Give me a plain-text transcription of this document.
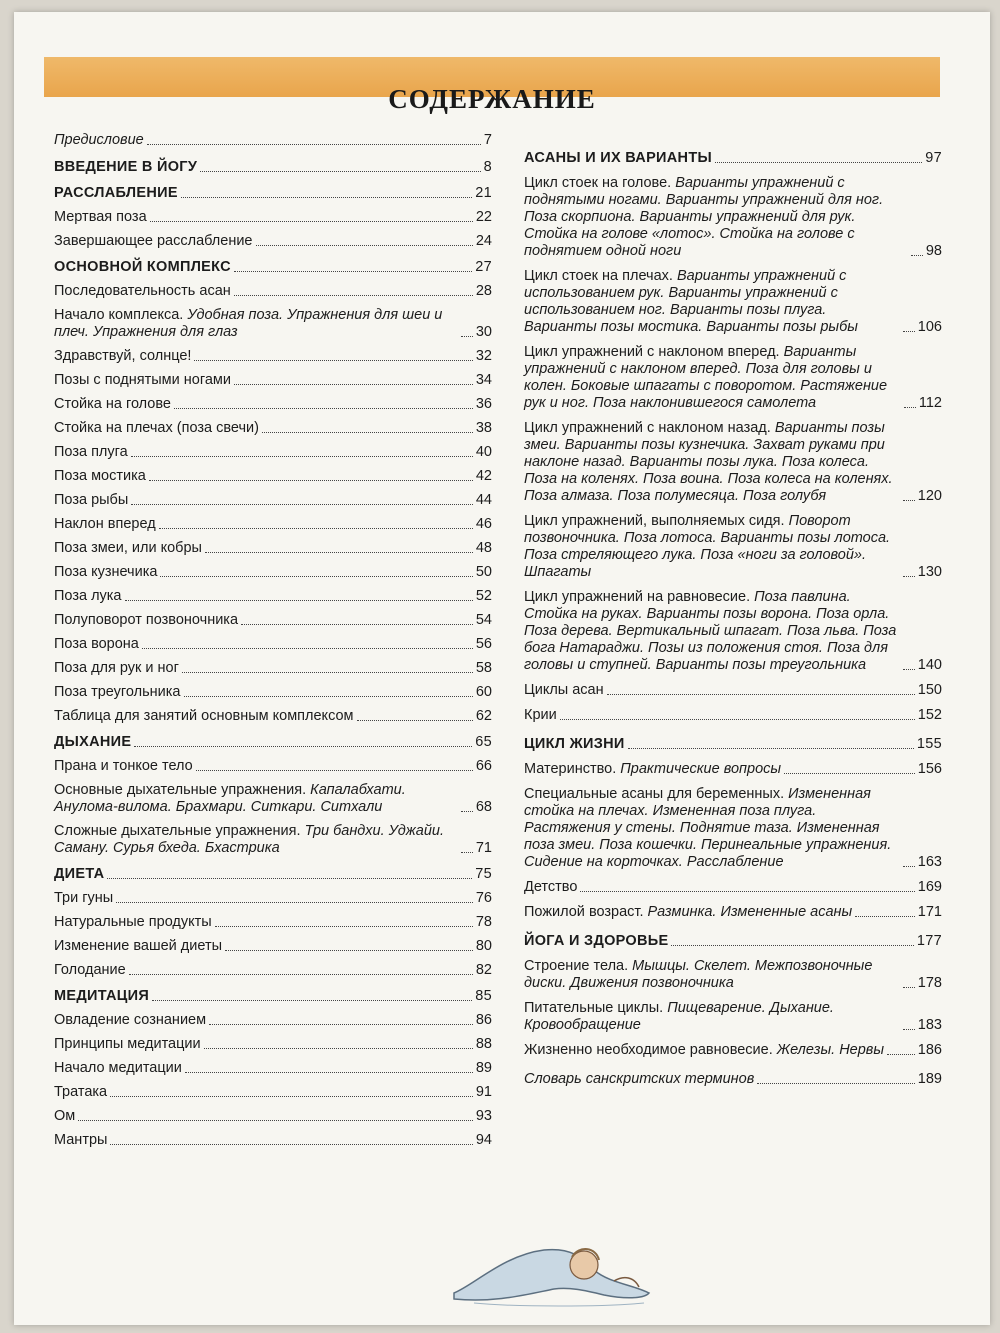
СОДЕРЖАНИЕ
Предисловие	7
ВВЕДЕНИЕ В ЙОГУ	8
РАССЛАБЛЕНИЕ	21
Мертвая поза	22
Завершающее расслабление	24
ОСНОВНОЙ КОМПЛЕКС	27
Последовательность асан	28
Начало комплекса. Удобная поза. Упражнения для шеи и плеч. Упражнения для глаз	30
Здравствуй, солнце!	32
Позы с поднятыми ногами	34
Стойка на голове	36
Стойка на плечах (поза свечи)	38
Поза плуга	40
Поза мостика	42
Поза рыбы	44
Наклон вперед	46
Поза змеи, или кобры	48
Поза кузнечика	50
Поза лука	52
Полуповорот позвоночника	54
Поза ворона	56
Поза для рук и ног	58
Поза треугольника	60
Таблица для занятий основным комплексом	62
ДЫХАНИЕ	65
Прана и тонкое тело	66
Основные дыхательные упражнения. Капалабхати. Анулома-вилома. Брахмари. Ситкари. Ситхали	68
Сложные дыхательные упражнения. Три бандхи. Уджайи. Саману. Сурья бхеда. Бхастрика	71
ДИЕТА	75
Три гуны	76
Натуральные продукты	78
Изменение вашей диеты	80
Голодание	82
МЕДИТАЦИЯ	85
Овладение сознанием	86
Принципы медитации	88
Начало медитации	89
Тратака	91
Ом	93
Мантры	94
АСАНЫ И ИХ ВАРИАНТЫ	97
Цикл стоек на голове. Варианты упражнений с поднятыми ногами. Варианты упражнений для ног. Поза скорпиона. Варианты упражнений для рук. Стойка на голове «лотос». Стойка на голове с поднятием одной ноги	98
Цикл стоек на плечах. Варианты упражнений с использованием рук. Варианты упражнений с использованием ног. Варианты позы плуга. Варианты позы мостика. Варианты позы рыбы	106
Цикл упражнений с наклоном вперед. Варианты упражнений с наклоном вперед. Поза для головы и колен. Боковые шпагаты с поворотом. Растяжение рук и ног. Поза наклонившегося самолета	112
Цикл упражнений с наклоном назад. Варианты позы змеи. Варианты позы кузнечика. Захват руками при наклоне назад. Варианты позы лука. Поза колеса. Поза на коленях. Поза воина. Поза колеса на коленях. Поза алмаза. Поза полумесяца. Поза голубя	120
Цикл упражнений, выполняемых сидя. Поворот позвоночника. Поза лотоса. Варианты позы лотоса. Поза стреляющего лука. Поза «ноги за головой». Шпагаты	130
Цикл упражнений на равновесие. Поза павлина. Стойка на руках. Варианты позы ворона. Поза орла. Поза дерева. Вертикальный шпагат. Поза льва. Поза бога Натараджи. Позы из положения стоя. Поза для головы и ступней. Варианты позы треугольника	140
Циклы асан	150
Крии	152
ЦИКЛ ЖИЗНИ	155
Материнство. Практические вопросы	156
Специальные асаны для беременных. Измененная стойка на плечах. Измененная поза плуга. Растяжения у стены. Поднятие таза. Измененная поза змеи. Поза кошечки. Перинеальные упражнения. Сидение на корточках. Расслабление	163
Детство	169
Пожилой возраст. Разминка. Измененные асаны	171
ЙОГА И ЗДОРОВЬЕ	177
Строение тела. Мышцы. Скелет. Межпозвоночные диски. Движения позвоночника	178
Питательные циклы. Пищеварение. Дыхание. Кровообращение	183
Жизненно необходимое равновесие. Железы. Нервы 186
Словарь санскритских терминов	189
